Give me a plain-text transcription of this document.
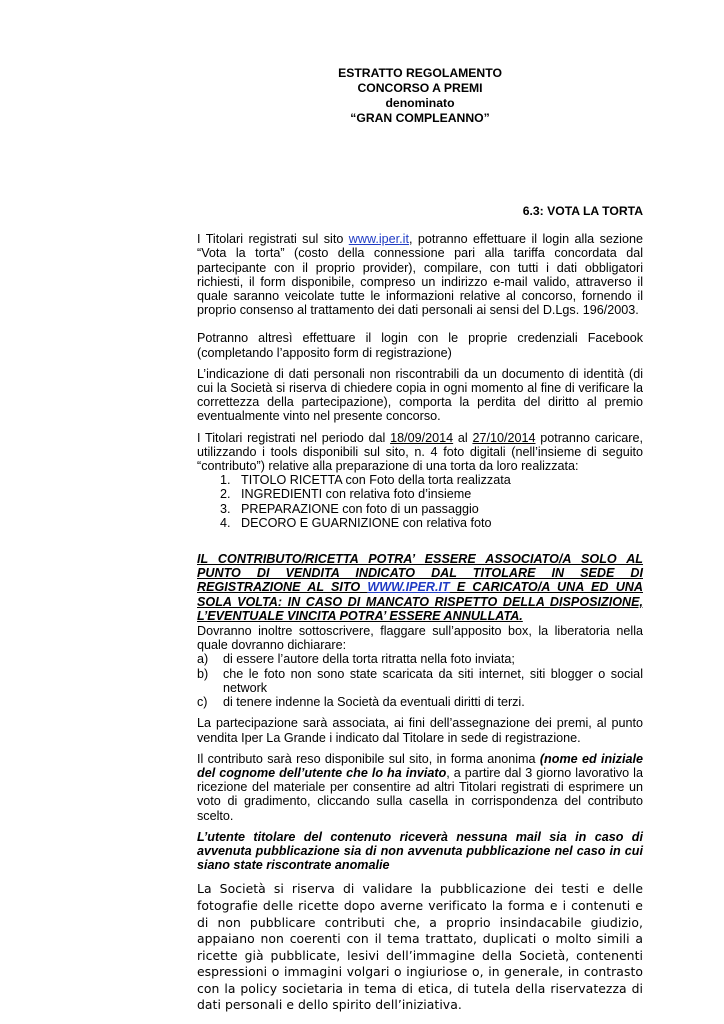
ESTRATTO REGOLAMENTO
CONCORSO A PREMI
denominato
“GRAN COMPLEANNO”
6.3: VOTA LA TORTA

I Titolari registrati sul sito www.iper.it, potranno effettuare il login alla sezione “Vota la torta” (costo della connessione pari alla tariffa concordata dal partecipante con il proprio provider), compilare, con tutti i dati obbligatori richiesti, il form disponibile, compreso un indirizzo e-mail valido, attraverso il quale saranno veicolate tutte le informazioni relative al concorso, fornendo il proprio consenso al trattamento dei dati personali ai sensi del D.Lgs. 196/2003.

Potranno altresì effettuare il login con le proprie credenziali Facebook (completando l’apposito form di registrazione)

L’indicazione di dati personali non riscontrabili da un documento di identità (di cui la Società si riserva di chiedere copia in ogni momento al fine di verificare la correttezza della partecipazione), comporta la perdita del diritto al premio eventualmente vinto nel presente concorso.

I Titolari registrati nel periodo dal 18/09/2014 al 27/10/2014 potranno caricare, utilizzando i tools disponibili sul sito, n. 4 foto digitali (nell’insieme di seguito “contributo”) relative alla preparazione di una torta da loro realizzata:

1. TITOLO RICETTA con Foto della torta realizzata
2. INGREDIENTI con relativa foto d’insieme
3. PREPARAZIONE con foto di un passaggio
4. DECORO E GUARNIZIONE con relativa foto

IL CONTRIBUTO/RICETTA POTRA’ ESSERE ASSOCIATO/A SOLO AL PUNTO DI VENDITA INDICATO DAL TITOLARE IN SEDE DI REGISTRAZIONE AL SITO WWW.IPER.IT E CARICATO/A UNA ED UNA SOLA VOLTA: IN CASO DI MANCATO RISPETTO DELLA DISPOSIZIONE, L’EVENTUALE VINCITA POTRA’ ESSERE ANNULLATA.

Dovranno inoltre sottoscrivere, flaggare sull’apposito box, la liberatoria nella quale dovranno dichiarare:

a)	di essere l’autore della torta ritratta nella foto inviata;
b)	che le foto non sono state scaricata da siti internet, siti blogger o social network
c)	di tenere indenne la Società da eventuali diritti di terzi.

La partecipazione sarà associata, ai fini dell’assegnazione dei premi, al punto vendita Iper La Grande i indicato dal Titolare in sede di registrazione.

Il contributo sarà reso disponibile sul sito, in forma anonima (nome ed iniziale del cognome dell’utente che lo ha inviato, a partire dal 3 giorno lavorativo la ricezione del materiale per consentire ad altri Titolari registrati di esprimere un voto di gradimento, cliccando sulla casella in corrispondenza del contributo scelto.

L’utente titolare del contenuto riceverà nessuna mail sia in caso di avvenuta pubblicazione sia di non avvenuta pubblicazione nel caso in cui siano state riscontrate anomalie

La Società si riserva di validare la pubblicazione dei testi e delle fotografie delle ricette dopo averne verificato la forma e i contenuti e di non pubblicare contributi che, a proprio insindacabile giudizio, appaiano non coerenti con il tema trattato, duplicati o molto simili a ricette già pubblicate, lesivi dell’immagine della Società, contenenti espressioni o immagini volgari o ingiuriose o, in generale, in contrasto con la policy societaria in tema di etica, di tutela della riservatezza di dati personali e dello spirito dell’iniziativa.
